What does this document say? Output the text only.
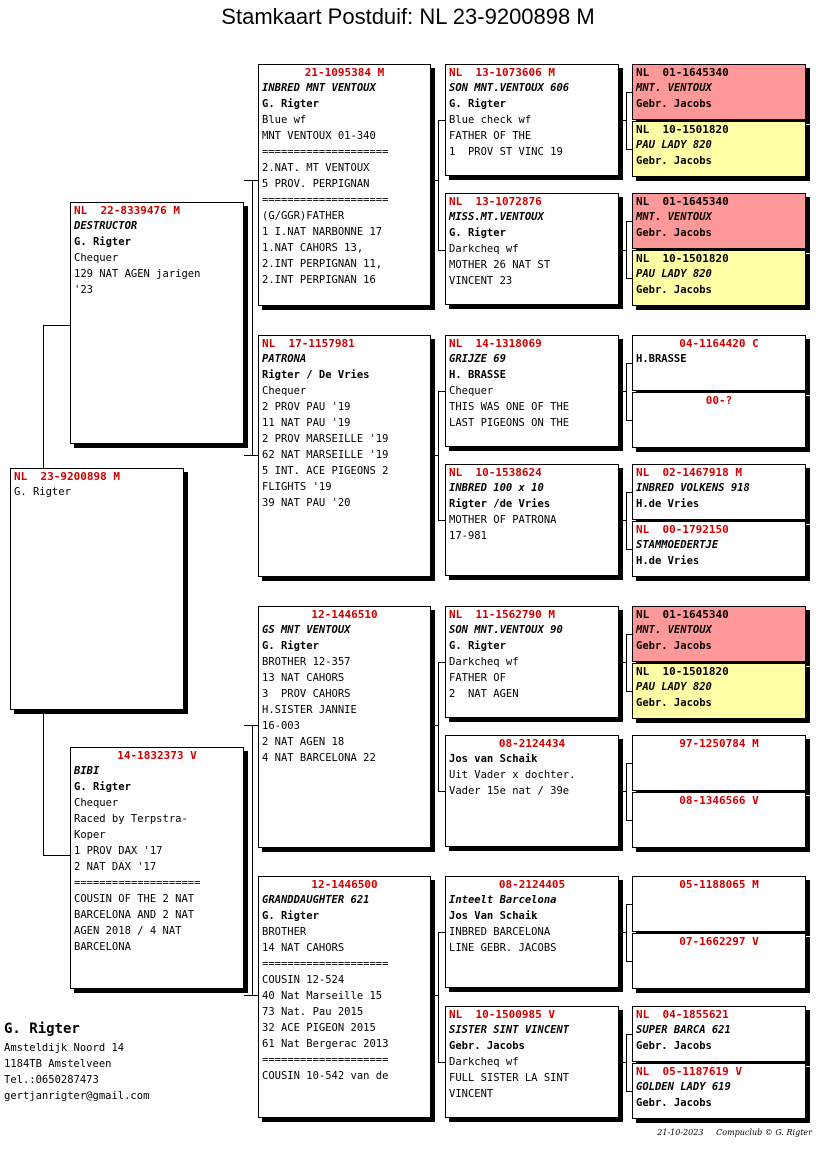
Stamkaart Postduif: NL 23-9200898 M
NL  23-9200898 M
G. Rigter
NL  22-8339476 M
DESTRUCTOR
G. Rigter
Chequer
129 NAT AGEN jarigen
'23
14-1832373 V
BIBI
G. Rigter
Chequer
Raced by Terpstra-
Koper
1 PROV DAX '17
2 NAT DAX '17
====================
COUSIN OF THE 2 NAT
BARCELONA AND 2 NAT
AGEN 2018 / 4 NAT
BARCELONA
21-1095384 M
INBRED MNT VENTOUX
G. Rigter
Blue wf
MNT VENTOUX 01-340
====================
2.NAT. MT VENTOUX
5 PROV. PERPIGNAN
====================
(G/GGR)FATHER
1 I.NAT NARBONNE 17
1.NAT CAHORS 13,
2.INT PERPIGNAN 11,
2.INT PERPIGNAN 16
NL  17-1157981
PATRONA
Rigter / De Vries
Chequer
2 PROV PAU '19
11 NAT PAU '19
2 PROV MARSEILLE '19
62 NAT MARSEILLE '19
5 INT. ACE PIGEONS 2
FLIGHTS '19
39 NAT PAU '20
12-1446510
GS MNT VENTOUX
G. Rigter
BROTHER 12-357
13 NAT CAHORS
3  PROV CAHORS
H.SISTER JANNIE
16-003
2 NAT AGEN 18
4 NAT BARCELONA 22
12-1446500
GRANDDAUGHTER 621
G. Rigter
BROTHER
14 NAT CAHORS
====================
COUSIN 12-524
40 Nat Marseille 15
73 Nat. Pau 2015
32 ACE PIGEON 2015
61 Nat Bergerac 2013
====================
COUSIN 10-542 van de
NL  13-1073606 M
SON MNT.VENTOUX 606
G. Rigter
Blue check wf
FATHER OF THE
1  PROV ST VINC 19
NL  13-1072876
MISS.MT.VENTOUX
G. Rigter
Darkcheq wf
MOTHER 26 NAT ST
VINCENT 23
NL  14-1318069
GRIJZE 69
H. BRASSE
Chequer
THIS WAS ONE OF THE
LAST PIGEONS ON THE
NL  10-1538624
INBRED 100 x 10
Rigter /de Vries
MOTHER OF PATRONA
17-981
NL  11-1562790 M
SON MNT.VENTOUX 90
G. Rigter
Darkcheq wf
FATHER OF
2  NAT AGEN
08-2124434
Jos van Schaik
Uit Vader x dochter.
Vader 15e nat / 39e
08-2124405
Inteelt Barcelona
Jos Van Schaik
INBRED BARCELONA
LINE GEBR. JACOBS
NL  10-1500985 V
SISTER SINT VINCENT
Gebr. Jacobs
Darkcheq wf
FULL SISTER LA SINT
VINCENT
NL  01-1645340
MNT. VENTOUX
Gebr. Jacobs
NL  10-1501820
PAU LADY 820
Gebr. Jacobs
NL  01-1645340
MNT. VENTOUX
Gebr. Jacobs
NL  10-1501820
PAU LADY 820
Gebr. Jacobs
04-1164420 C
H.BRASSE
00-?
NL  02-1467918 M
INBRED VOLKENS 918
H.de Vries
NL  00-1792150
STAMMOEDERTJE
H.de Vries
NL  01-1645340
MNT. VENTOUX
Gebr. Jacobs
NL  10-1501820
PAU LADY 820
Gebr. Jacobs
97-1250784 M
08-1346566 V
05-1188065 M
07-1662297 V
NL  04-1855621
SUPER BARCA 621
Gebr. Jacobs
NL  05-1187619 V
GOLDEN LADY 619
Gebr. Jacobs
G. Rigter
Amsteldijk Noord 14
1184TB Amstelveen
Tel.:0650287473
gertjanrigter@gmail.com
21-10-2023 Compuclub © G. Rigter
